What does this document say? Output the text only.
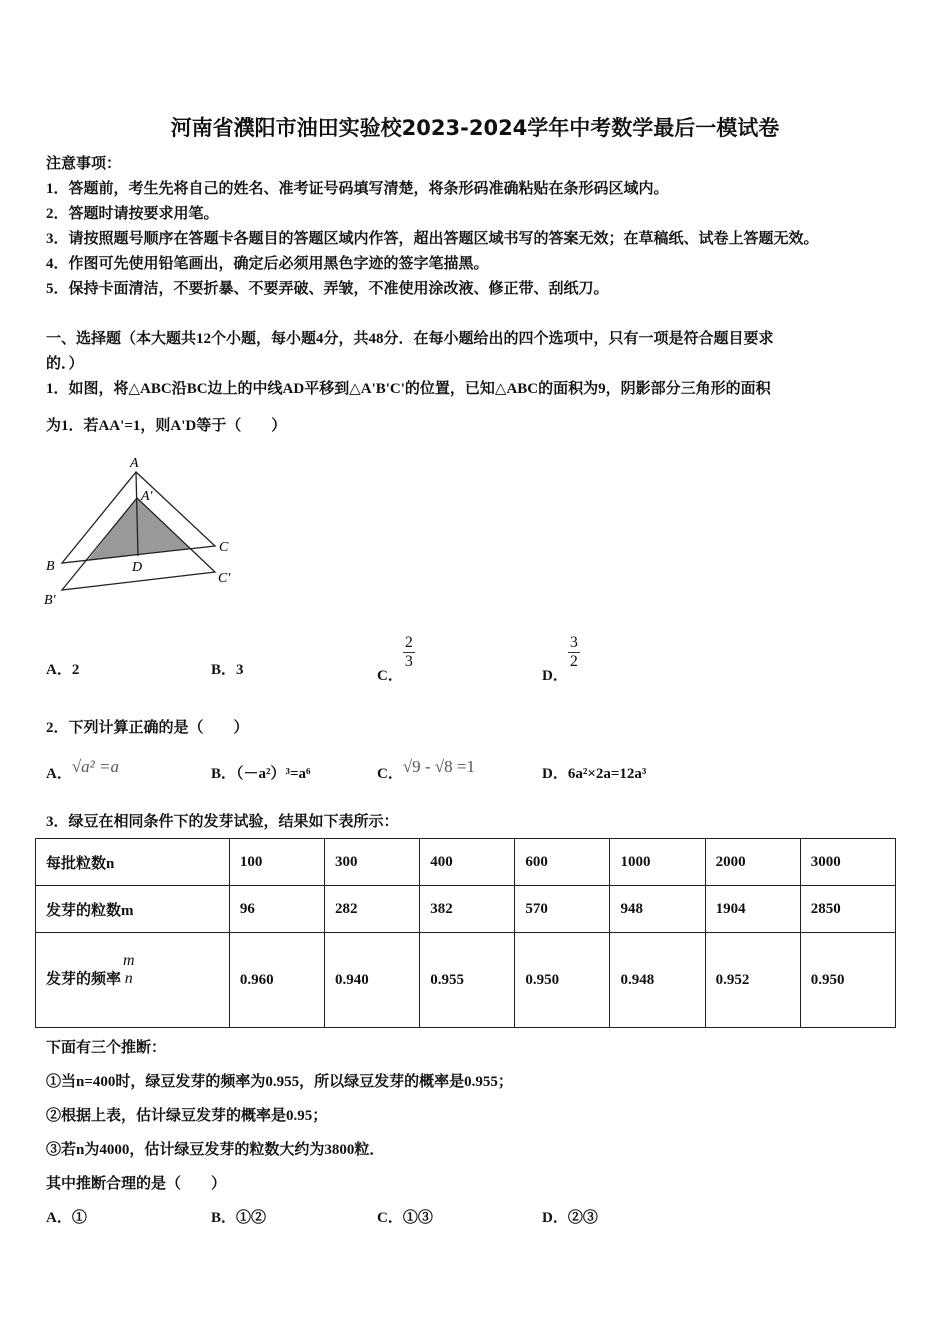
河南省濮阳市油田实验校2023-2024学年中考数学最后一模试卷
注意事项：
1．答题前，考生先将自己的姓名、准考证号码填写清楚，将条形码准确粘贴在条形码区域内。
2．答题时请按要求用笔。
3．请按照题号顺序在答题卡各题目的答题区域内作答，超出答题区域书写的答案无效；在草稿纸、试卷上答题无效。
4．作图可先使用铅笔画出，确定后必须用黑色字迹的签字笔描黑。
5．保持卡面清洁，不要折暴、不要弄破、弄皱，不准使用涂改液、修正带、刮纸刀。
一、选择题（本大题共12个小题，每小题4分，共48分．在每小题给出的四个选项中，只有一项是符合题目要求
的．）
1．如图，将△ABC沿BC边上的中线AD平移到△A'B'C'的位置，已知△ABC的面积为9，阴影部分三角形的面积
为1．若AA'=1，则A'D等于（　　）
A
A'
B
C
D
B'
C'
A．2	B．3	C．
$\frac{2}{3}$
D．
$\frac{3}{2}$
2．下列计算正确的是（　　）
A．√a² =a	B．（－a²）³=a⁶	C．√9 - √8 =1	D．6a²×2a=12a³
3．绿豆在相同条件下的发芽试验，结果如下表所示：
每批粒数n	100	300	400	600	1000	2000	3000
发芽的粒数m	96	282	382	570	948	1904	2850
发芽的频率
m
n	0.960	0.940	0.955	0.950	0.948	0.952	0.950
下面有三个推断：
①当n=400时，绿豆发芽的频率为0.955，所以绿豆发芽的概率是0.955；
②根据上表，估计绿豆发芽的概率是0.95；
③若n为4000，估计绿豆发芽的粒数大约为3800粒．
其中推断合理的是（　　）
A．①	B．①②	C．①③	D．②③
